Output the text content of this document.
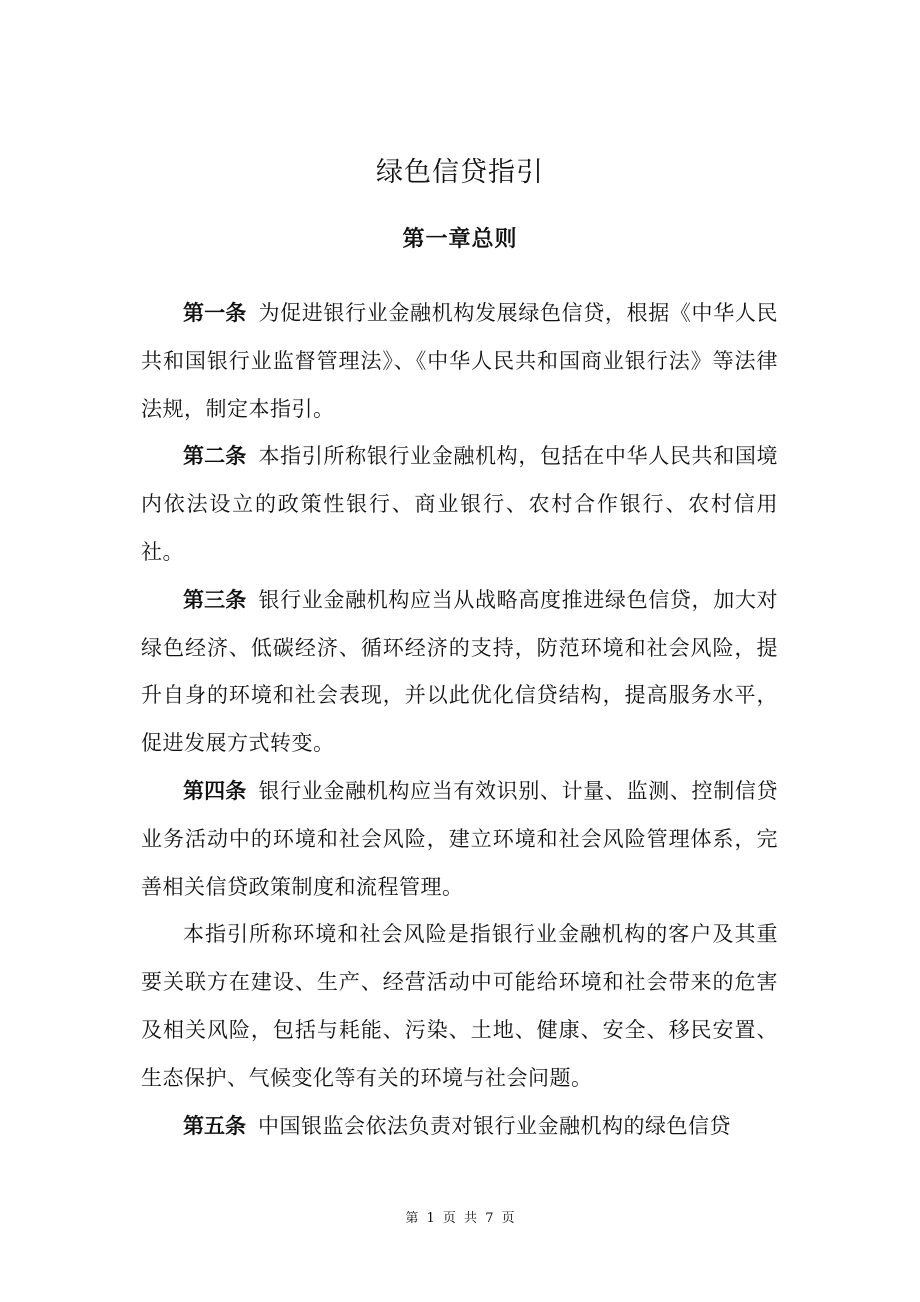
绿色信贷指引
第一章总则

第一条 为促进银行业金融机构发展绿色信贷，根据《中华人民共和国银行业监督管理法》、《中华人民共和国商业银行法》等法律法规，制定本指引。

第二条 本指引所称银行业金融机构，包括在中华人民共和国境内依法设立的政策性银行、商业银行、农村合作银行、农村信用社。

第三条 银行业金融机构应当从战略高度推进绿色信贷，加大对绿色经济、低碳经济、循环经济的支持，防范环境和社会风险，提升自身的环境和社会表现，并以此优化信贷结构，提高服务水平，促进发展方式转变。

第四条 银行业金融机构应当有效识别、计量、监测、控制信贷业务活动中的环境和社会风险，建立环境和社会风险管理体系，完善相关信贷政策制度和流程管理。

本指引所称环境和社会风险是指银行业金融机构的客户及其重要关联方在建设、生产、经营活动中可能给环境和社会带来的危害及相关风险，包括与耗能、污染、土地、健康、安全、移民安置、生态保护、气候变化等有关的环境与社会问题。

第五条 中国银监会依法负责对银行业金融机构的绿色信贷

第 1 页 共 7 页
